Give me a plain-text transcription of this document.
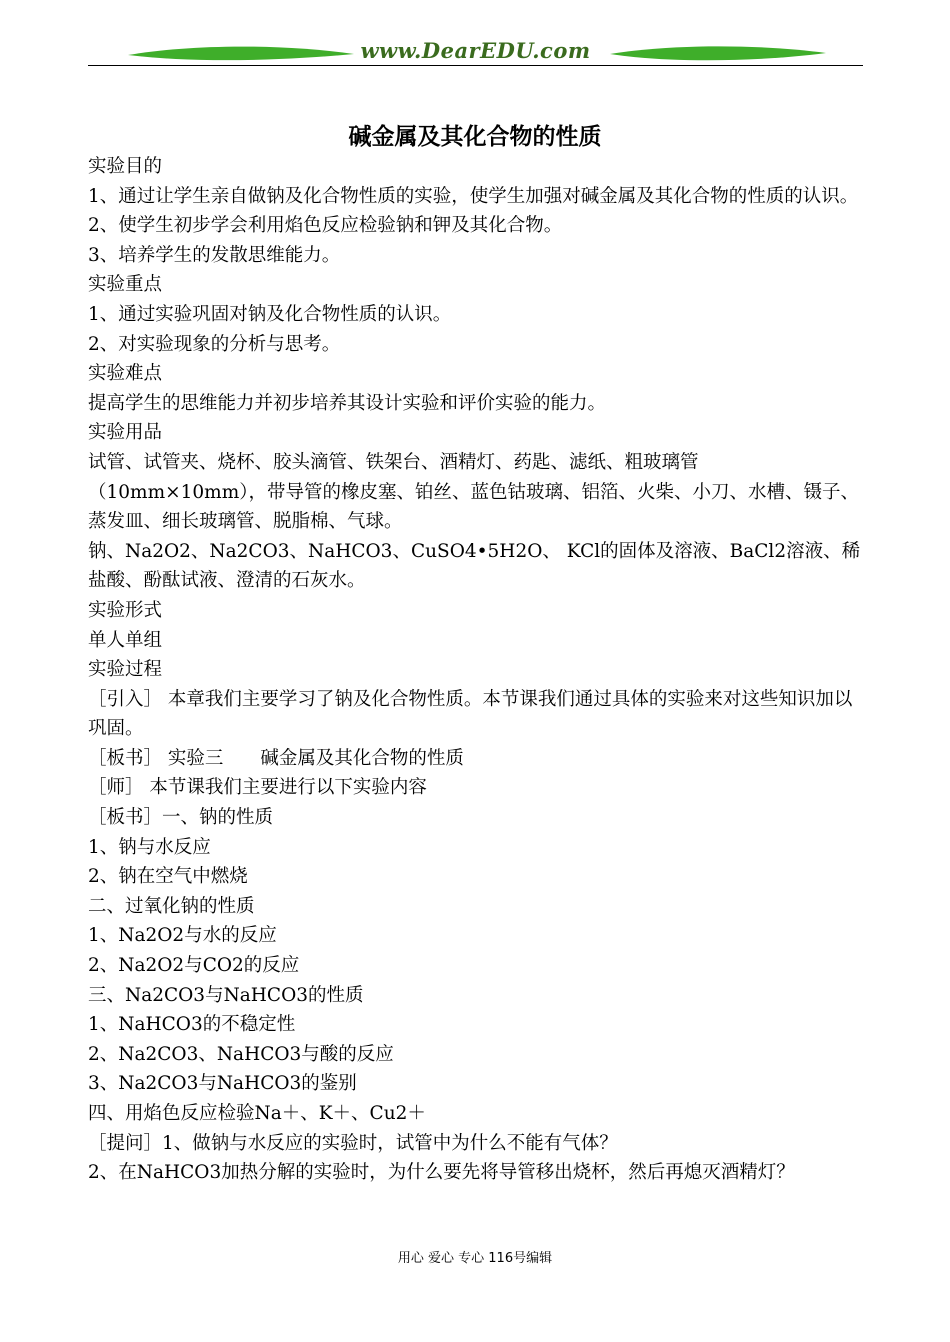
www.DearEDU.com
碱金属及其化合物的性质

实验目的

1、通过让学生亲自做钠及化合物性质的实验，使学生加强对碱金属及其化合物的性质的认识。

2、使学生初步学会利用焰色反应检验钠和钾及其化合物。

3、培养学生的发散思维能力。

实验重点

1、通过实验巩固对钠及化合物性质的认识。

2、对实验现象的分析与思考。

实验难点

提高学生的思维能力并初步培养其设计实验和评价实验的能力。

实验用品

试管、试管夹、烧杯、胶头滴管、铁架台、酒精灯、药匙、滤纸、粗玻璃管（10mm×10mm），带导管的橡皮塞、铂丝、蓝色钴玻璃、铝箔、火柴、小刀、水槽、镊子、蒸发皿、细长玻璃管、脱脂棉、气球。

钠、Na2O2、Na2CO3、NaHCO3、CuSO4•5H2O、 KCl的固体及溶液、BaCl2溶液、稀盐酸、酚酞试液、澄清的石灰水。

实验形式

单人单组

实验过程

［引入］ 本章我们主要学习了钠及化合物性质。本节课我们通过具体的实验来对这些知识加以巩固。

［板书］ 实验三　　碱金属及其化合物的性质

［师］ 本节课我们主要进行以下实验内容

［板书］一、钠的性质

1、钠与水反应

2、钠在空气中燃烧

二、过氧化钠的性质

1、Na2O2与水的反应

2、Na2O2与CO2的反应

三、Na2CO3与NaHCO3的性质

1、NaHCO3的不稳定性

2、Na2CO3、NaHCO3与酸的反应

3、Na2CO3与NaHCO3的鉴别

四、用焰色反应检验Na＋、K＋、Cu2＋

［提问］1、做钠与水反应的实验时，试管中为什么不能有气体？

2、在NaHCO3加热分解的实验时，为什么要先将导管移出烧杯，然后再熄灭酒精灯？

用心 爱心 专心 116号编辑
